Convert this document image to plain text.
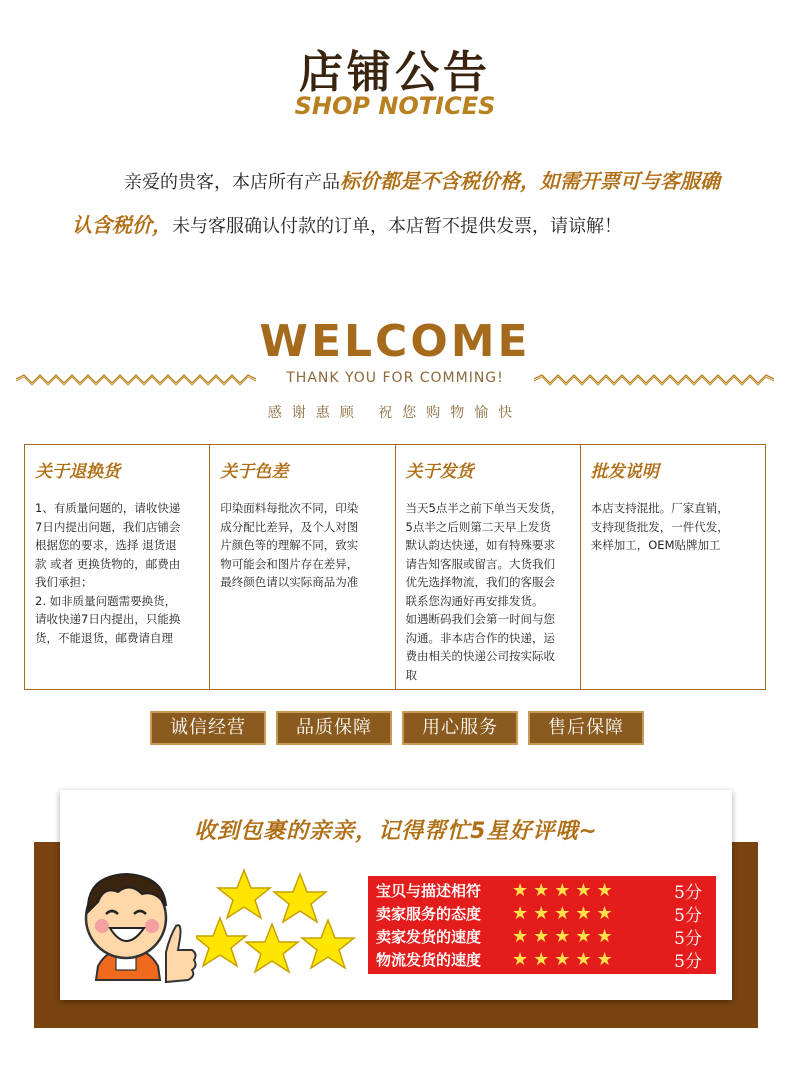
店铺公告
SHOP NOTICES

亲爱的贵客，本店所有产品标价都是不含税价格，如需开票可与客服确认含税价，未与客服确认付款的订单，本店暂不提供发票，请谅解！

WELCOME
THANK YOU FOR COMMING!
感谢惠顾 祝您购物愉快
关于退换货
1、有质量问题的，请收快递
7日内提出问题，我们店铺会
根据您的要求，选择 退货退
款 或者 更换货物的，邮费由
我们承担；
2. 如非质量问题需要换货，
请收快递7日内提出，只能换
货，不能退货，邮费请自理
关于色差
印染面料每批次不同，印染
成分配比差异，及个人对图
片颜色等的理解不同，致实
物可能会和图片存在差异，
最终颜色请以实际商品为准
关于发货
当天5点半之前下单当天发货，
5点半之后则第二天早上发货
默认韵达快递，如有特殊要求
请告知客服或留言。大货我们
优先选择物流，我们的客服会
联系您沟通好再安排发货。
如遇断码我们会第一时间与您
沟通。非本店合作的快递，运
费由相关的快递公司按实际收
取
批发说明
本店支持混批。厂家直销，
支持现货批发，一件代发，
来样加工，OEM贴牌加工
诚信经营	品质保障	用心服务	售后保障
收到包裹的亲亲，记得帮忙5星好评哦~
宝贝与描述相符	★★★★★	5分
卖家服务的态度	★★★★★	5分
卖家发货的速度	★★★★★	5分
物流发货的速度	★★★★★	5分
